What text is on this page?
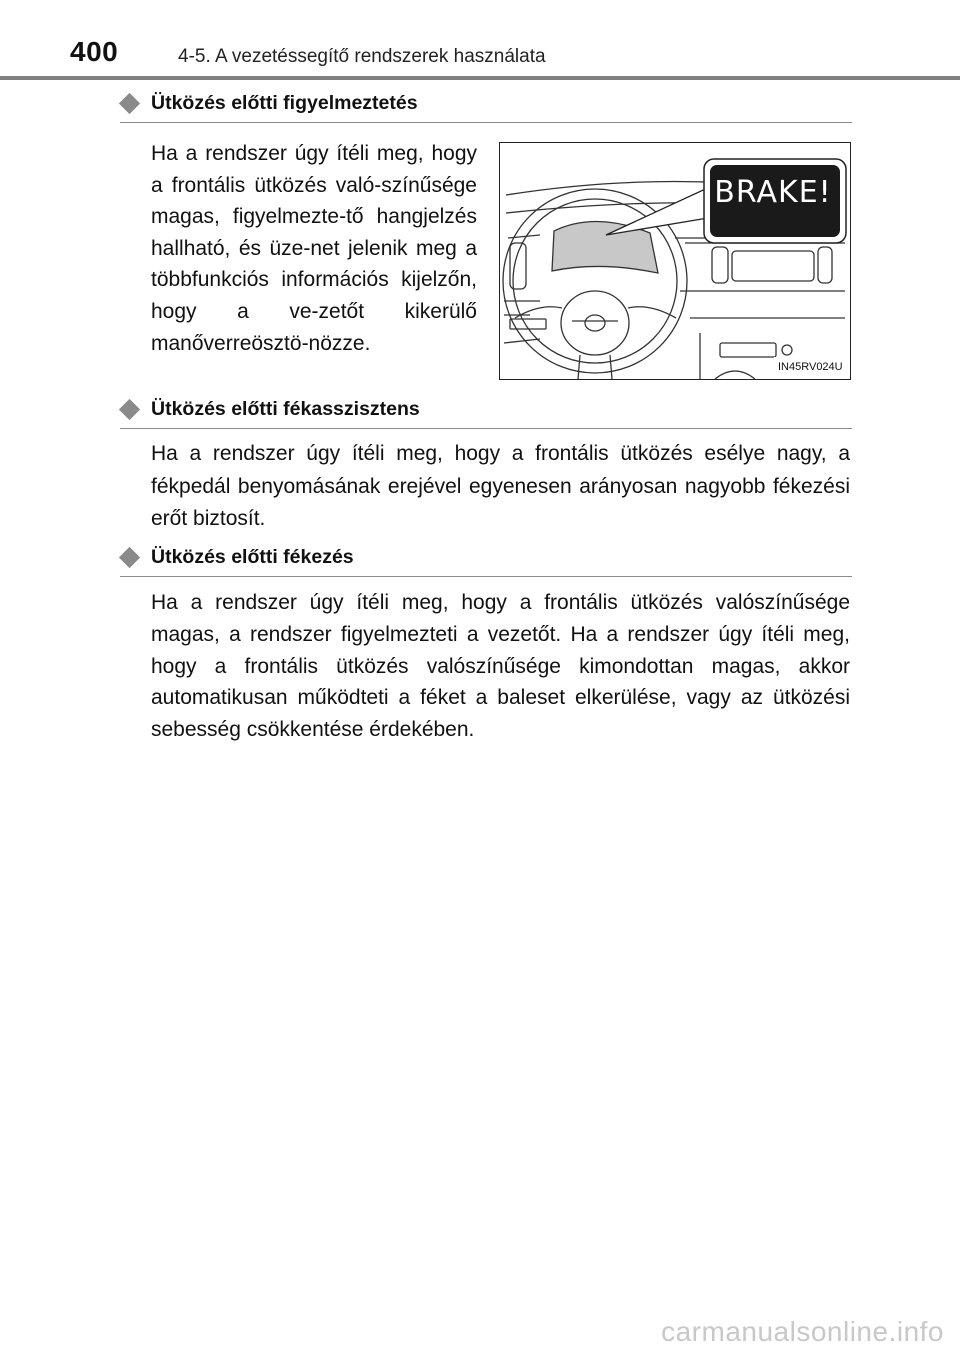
400	4-5. A vezetéssegítő rendszerek használata
Ütközés előtti figyelmeztetés

Ha a rendszer úgy ítéli meg, hogy a frontális ütközés való-színűsége magas, figyelmezte-tő hangjelzés hallható, és üze-net jelenik meg a többfunkciós információs kijelzőn, hogy a ve-zetőt kikerülő manőverreösztö-nözze.

BRAKE!
IN45RV024U
Ütközés előtti fékasszisztens

Ha a rendszer úgy ítéli meg, hogy a frontális ütközés esélye nagy, a fékpedál benyomásának erejével egyenesen arányosan nagyobb fékezési erőt biztosít.

Ütközés előtti fékezés

Ha a rendszer úgy ítéli meg, hogy a frontális ütközés valószínűsége magas, a rendszer figyelmezteti a vezetőt. Ha a rendszer úgy ítéli meg, hogy a frontális ütközés valószínűsége kimondottan magas, akkor automatikusan működteti a féket a baleset elkerülése, vagy az ütközési sebesség csökkentése érdekében.

carmanualsonline.info
